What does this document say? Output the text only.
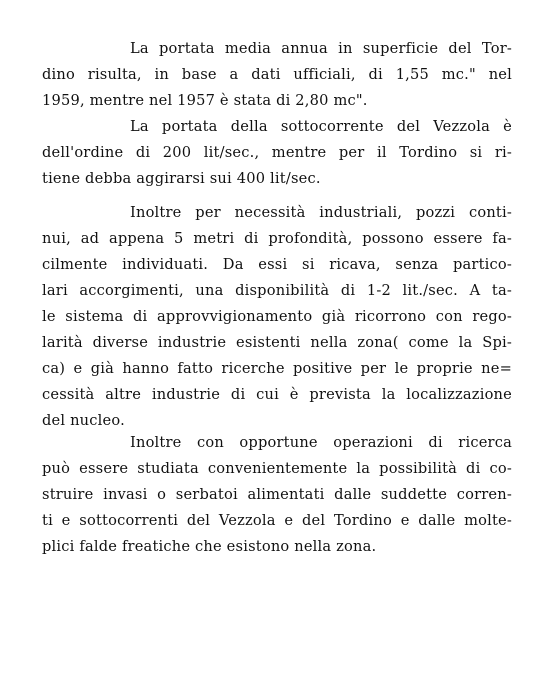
La portata media annua in superficie del Tor-
dino risulta, in base a dati ufficiali, di 1,55 mc." nel
1959, mentre nel 1957 è stata di 2,80 mc".
La portata della sottocorrente del Vezzola è
dell'ordine di 200 lit/sec., mentre per il Tordino si ri-
tiene debba aggirarsi sui 400 lit/sec.
Inoltre per necessità industriali, pozzi conti-
nui, ad appena 5 metri di profondità, possono essere fa-
cilmente individuati. Da essi si ricava, senza partico-
lari accorgimenti, una disponibilità di 1-2 lit./sec. A ta-
le sistema di approvvigionamento già ricorrono con rego-
larità diverse industrie esistenti nella zona( come la Spi-
ca) e già hanno fatto ricerche positive per le proprie ne=
cessità altre industrie di cui è prevista la localizzazione
del nucleo.
Inoltre con opportune operazioni di ricerca
può essere studiata convenientemente la possibilità di co-
struire invasi o serbatoi alimentati dalle suddette corren-
ti e sottocorrenti del Vezzola e del Tordino e dalle molte-
plici falde freatiche che esistono nella zona.
